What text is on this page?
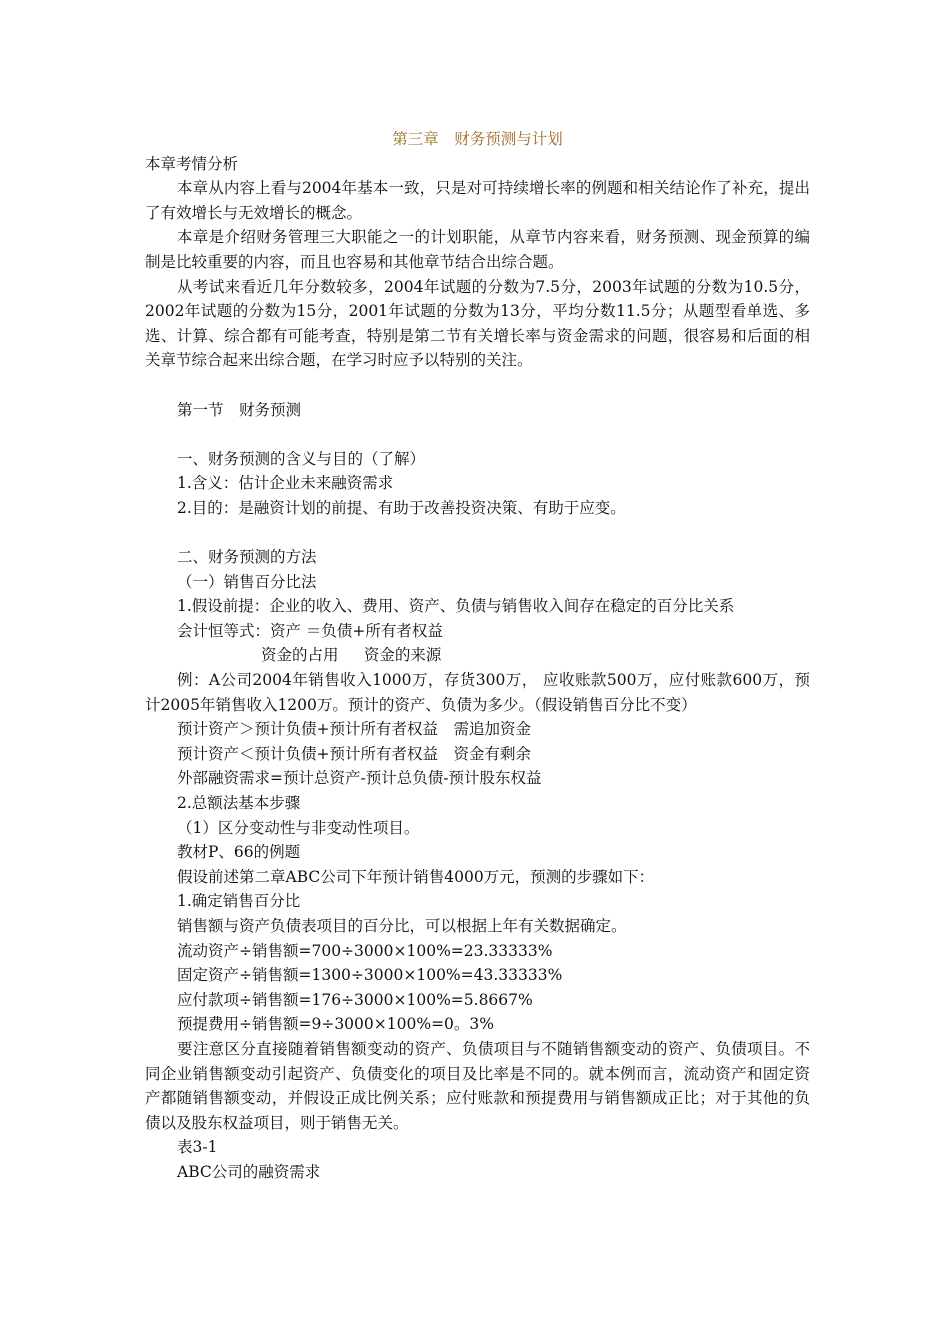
第三章　财务预测与计划

本章考情分析

本章从内容上看与2004年基本一致，只是对可持续增长率的例题和相关结论作了补充，提出了有效增长与无效增长的概念。

本章是介绍财务管理三大职能之一的计划职能，从章节内容来看，财务预测、现金预算的编制是比较重要的内容，而且也容易和其他章节结合出综合题。

从考试来看近几年分数较多，2004年试题的分数为7.5分，2003年试题的分数为10.5分，2002年试题的分数为15分，2001年试题的分数为13分，平均分数11.5分；从题型看单选、多选、计算、综合都有可能考查，特别是第二节有关增长率与资金需求的问题，很容易和后面的相关章节综合起来出综合题，在学习时应予以特别的关注。

第一节　财务预测

一、财务预测的含义与目的（了解）

1.含义：估计企业未来融资需求

2.目的：是融资计划的前提、有助于改善投资决策、有助于应变。

二、财务预测的方法

（一）销售百分比法

1.假设前提：企业的收入、费用、资产、负债与销售收入间存在稳定的百分比关系

会计恒等式：资产 ＝负债+所有者权益

资金的占用　  资金的来源

例：A公司2004年销售收入1000万，存货300万， 应收账款500万，应付账款600万，预计2005年销售收入1200万。预计的资产、负债为多少。（假设销售百分比不变）

预计资产＞预计负债+预计所有者权益　需追加资金

预计资产＜预计负债+预计所有者权益　资金有剩余

外部融资需求=预计总资产-预计总负债-预计股东权益

2.总额法基本步骤

（1）区分变动性与非变动性项目。

教材P、66的例题

假设前述第二章ABC公司下年预计销售4000万元，预测的步骤如下：

1.确定销售百分比

销售额与资产负债表项目的百分比，可以根据上年有关数据确定。

流动资产÷销售额=700÷3000×100%=23.33333%

固定资产÷销售额=1300÷3000×100%=43.33333%

应付款项÷销售额=176÷3000×100%=5.8667%

预提费用÷销售额=9÷3000×100%=0。3%

要注意区分直接随着销售额变动的资产、负债项目与不随销售额变动的资产、负债项目。不同企业销售额变动引起资产、负债变化的项目及比率是不同的。就本例而言，流动资产和固定资产都随销售额变动，并假设正成比例关系；应付账款和预提费用与销售额成正比；对于其他的负债以及股东权益项目，则于销售无关。

表3-1

ABC公司的融资需求
